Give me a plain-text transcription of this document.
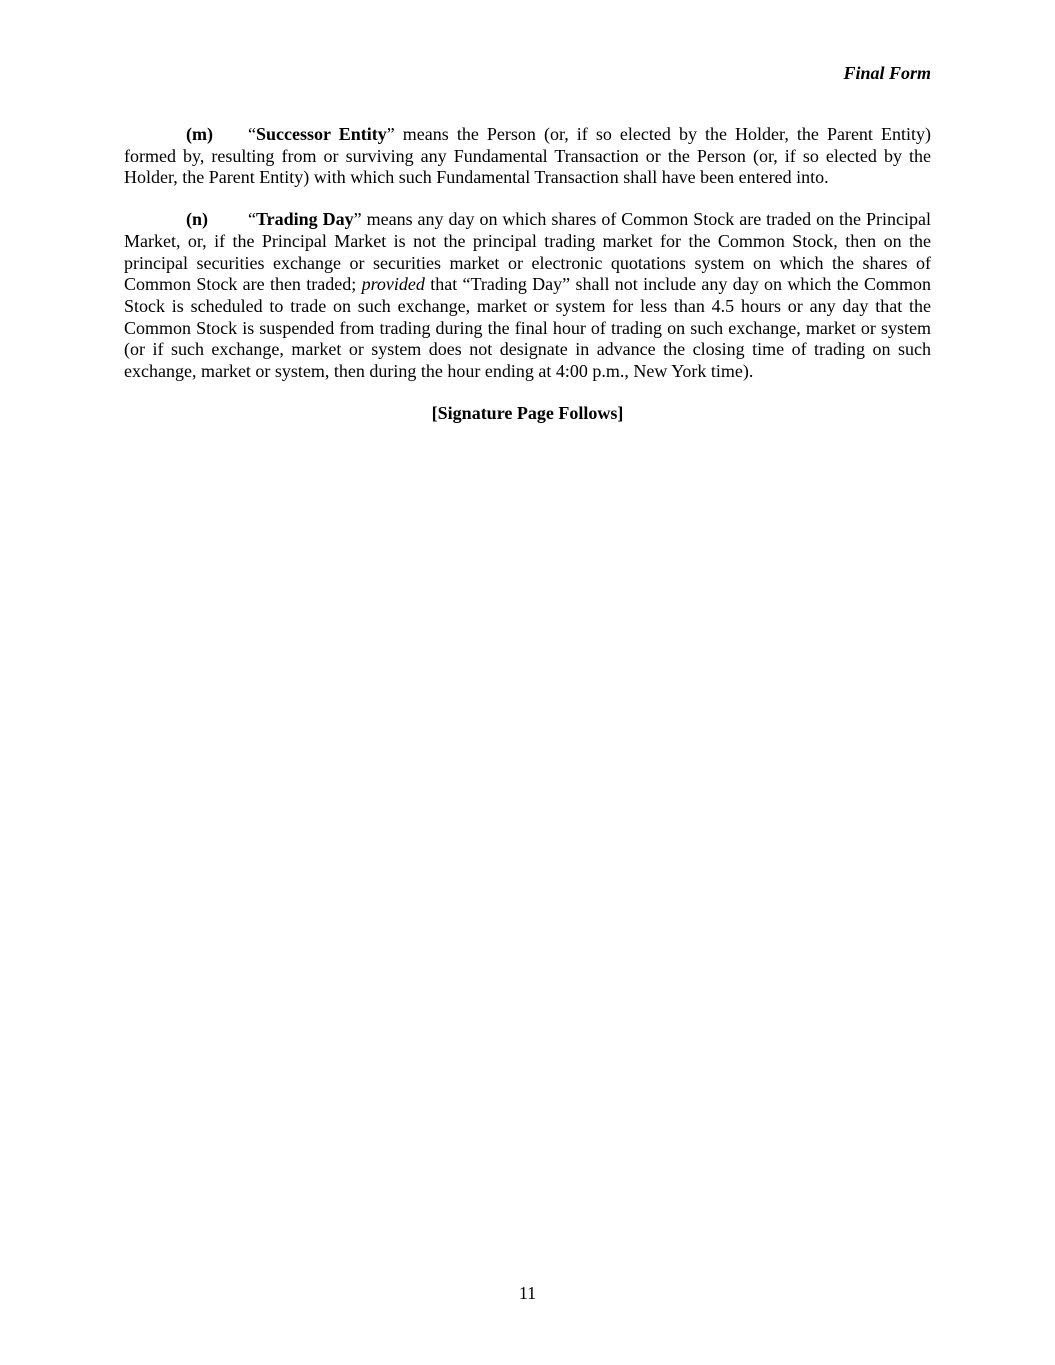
Final Form

(m) “Successor Entity” means the Person (or, if so elected by the Holder, the Parent Entity) formed by, resulting from or surviving any Fundamental Transaction or the Person (or, if so elected by the Holder, the Parent Entity) with which such Fundamental Transaction shall have been entered into.

(n) “Trading Day” means any day on which shares of Common Stock are traded on the Principal Market, or, if the Principal Market is not the principal trading market for the Common Stock, then on the principal securities exchange or securities market or electronic quotations system on which the shares of Common Stock are then traded; provided that “Trading Day” shall not include any day on which the Common Stock is scheduled to trade on such exchange, market or system for less than 4.5 hours or any day that the Common Stock is suspended from trading during the final hour of trading on such exchange, market or system (or if such exchange, market or system does not designate in advance the closing time of trading on such exchange, market or system, then during the hour ending at 4:00 p.m., New York time).

[Signature Page Follows]

11
